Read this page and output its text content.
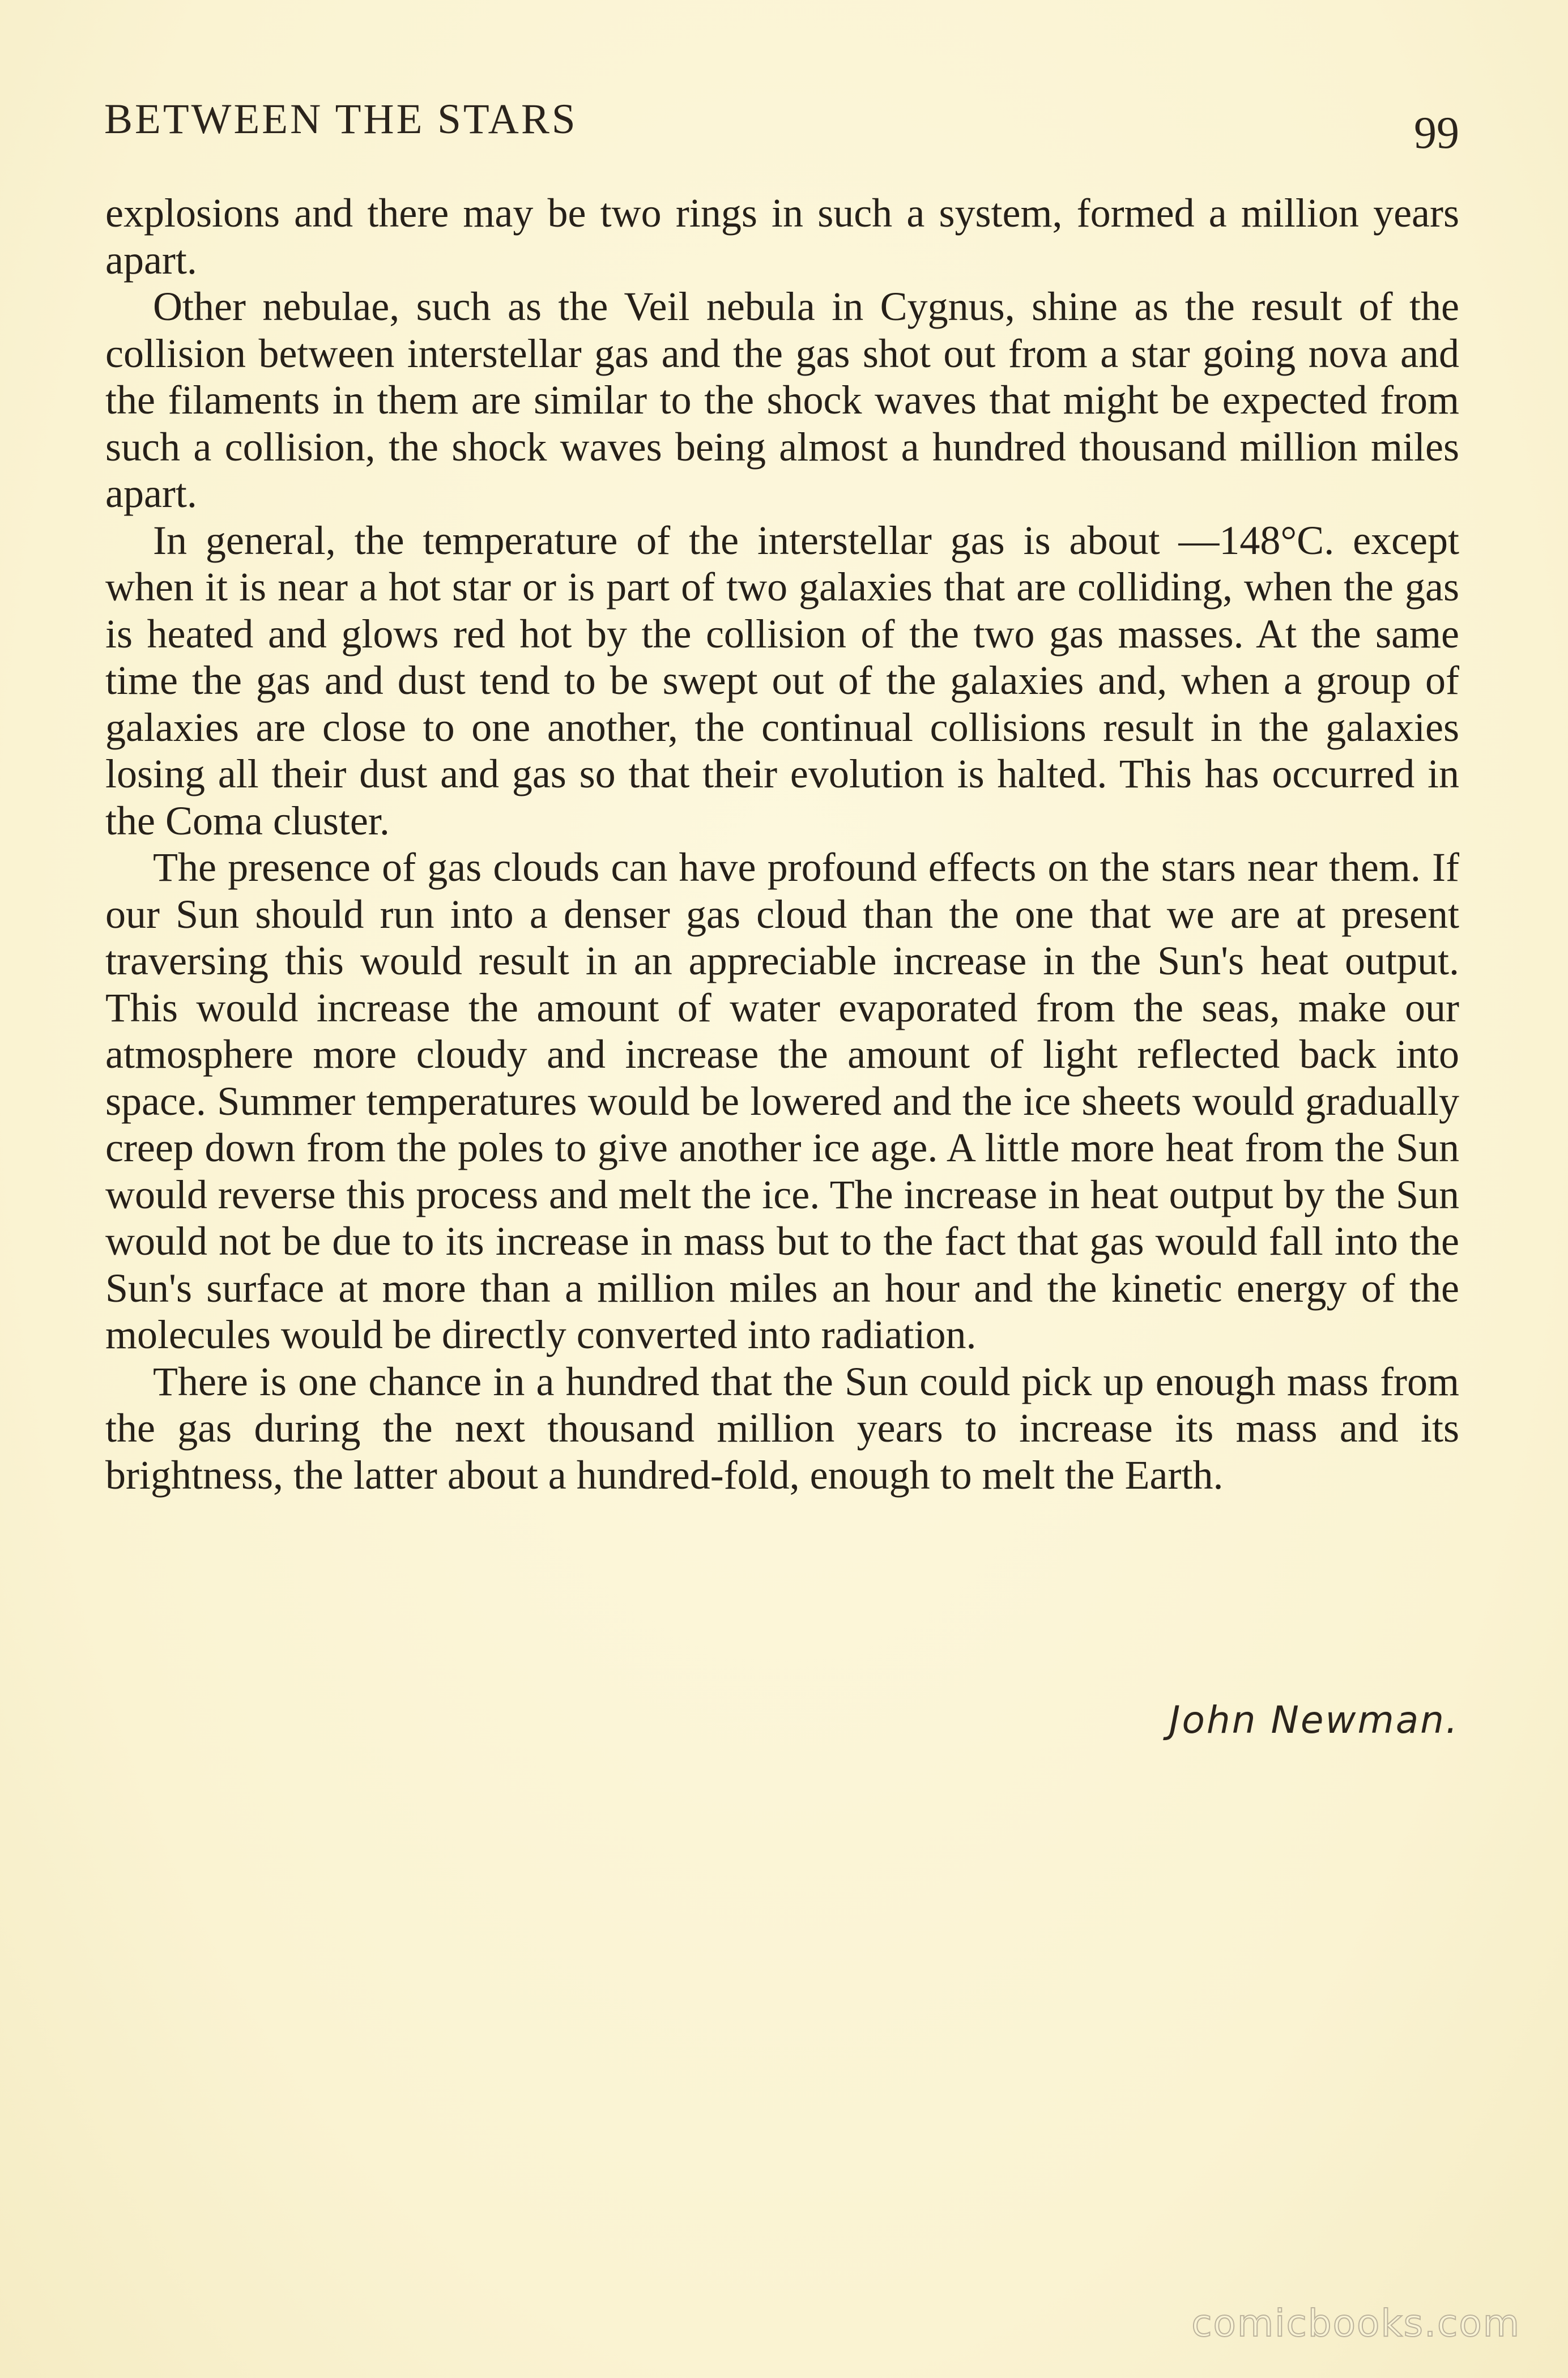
BETWEEN THE STARS	99

explosions and there may be two rings in such a system, formed a million years apart.

Other nebulae, such as the Veil nebula in Cygnus, shine as the result of the collision between interstellar gas and the gas shot out from a star going nova and the filaments in them are similar to the shock waves that might be expected from such a collision, the shock waves being almost a hundred thousand million miles apart.

In general, the temperature of the interstellar gas is about —148°C. except when it is near a hot star or is part of two galaxies that are colliding, when the gas is heated and glows red hot by the collision of the two gas masses. At the same time the gas and dust tend to be swept out of the galaxies and, when a group of galaxies are close to one another, the continual collisions result in the galaxies losing all their dust and gas so that their evolution is halted. This has occurred in the Coma cluster.

The presence of gas clouds can have profound effects on the stars near them. If our Sun should run into a denser gas cloud than the one that we are at present traversing this would result in an appreciable increase in the Sun's heat output. This would increase the amount of water evaporated from the seas, make our atmosphere more cloudy and increase the amount of light reflected back into space. Summer temperatures would be lowered and the ice sheets would gradually creep down from the poles to give another ice age. A little more heat from the Sun would reverse this process and melt the ice. The increase in heat output by the Sun would not be due to its increase in mass but to the fact that gas would fall into the Sun's surface at more than a million miles an hour and the kinetic energy of the molecules would be directly converted into radiation.

There is one chance in a hundred that the Sun could pick up enough mass from the gas during the next thousand million years to increase its mass and its brightness, the latter about a hundred-fold, enough to melt the Earth.

John Newman.
comicbooks.com
